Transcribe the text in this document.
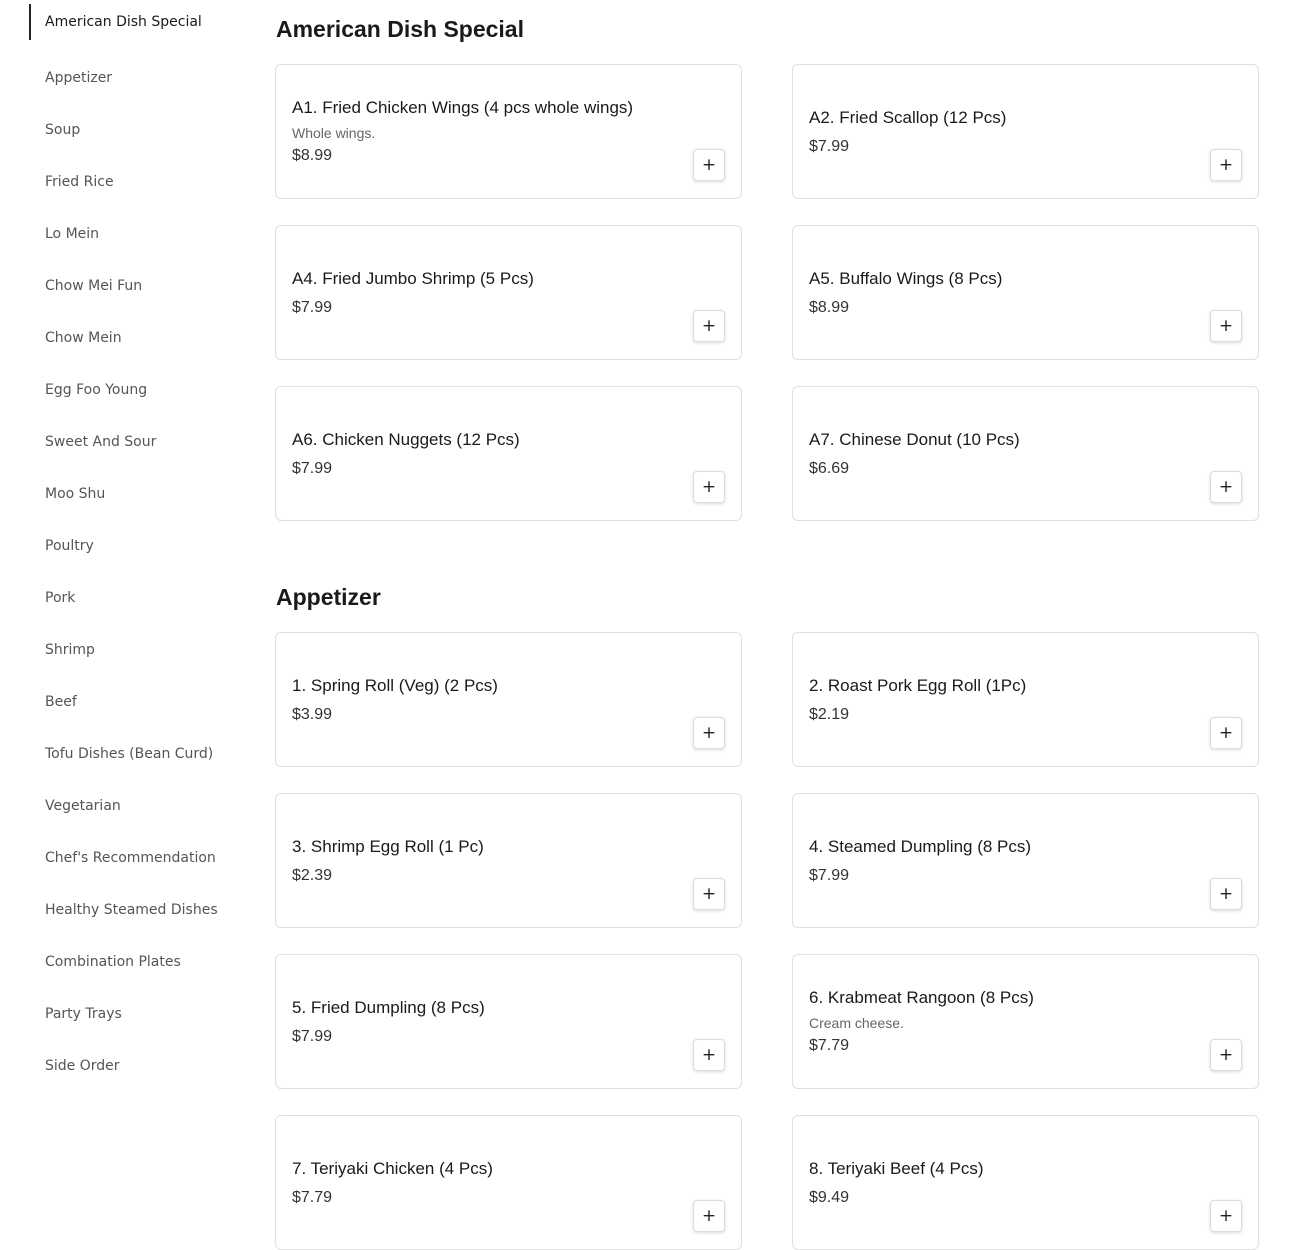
American Dish Special
Appetizer
Soup
Fried Rice
Lo Mein
Chow Mei Fun
Chow Mein
Egg Foo Young
Sweet And Sour
Moo Shu
Poultry
Pork
Shrimp
Beef
Tofu Dishes (Bean Curd)
Vegetarian
Chef's Recommendation
Healthy Steamed Dishes
Combination Plates
Party Trays
Side Order
American Dish Special
Appetizer
A1. Fried Chicken Wings (4 pcs whole wings)
Whole wings.
$8.99	+
A2. Fried Scallop (12 Pcs)
$7.99
+
A4. Fried Jumbo Shrimp (5 Pcs)
$7.99
+
A5. Buffalo Wings (8 Pcs)
$8.99
+
A6. Chicken Nuggets (12 Pcs)
$7.99
+
A7. Chinese Donut (10 Pcs)
$6.69
+
1. Spring Roll (Veg) (2 Pcs)
$3.99
+
2. Roast Pork Egg Roll (1Pc)
$2.19
+
3. Shrimp Egg Roll (1 Pc)
$2.39
+
4. Steamed Dumpling (8 Pcs)
$7.99
+
5. Fried Dumpling (8 Pcs)
$7.99
+
6. Krabmeat Rangoon (8 Pcs)
Cream cheese.
$7.79	+
7. Teriyaki Chicken (4 Pcs)
$7.79
+
8. Teriyaki Beef (4 Pcs)
$9.49
+
